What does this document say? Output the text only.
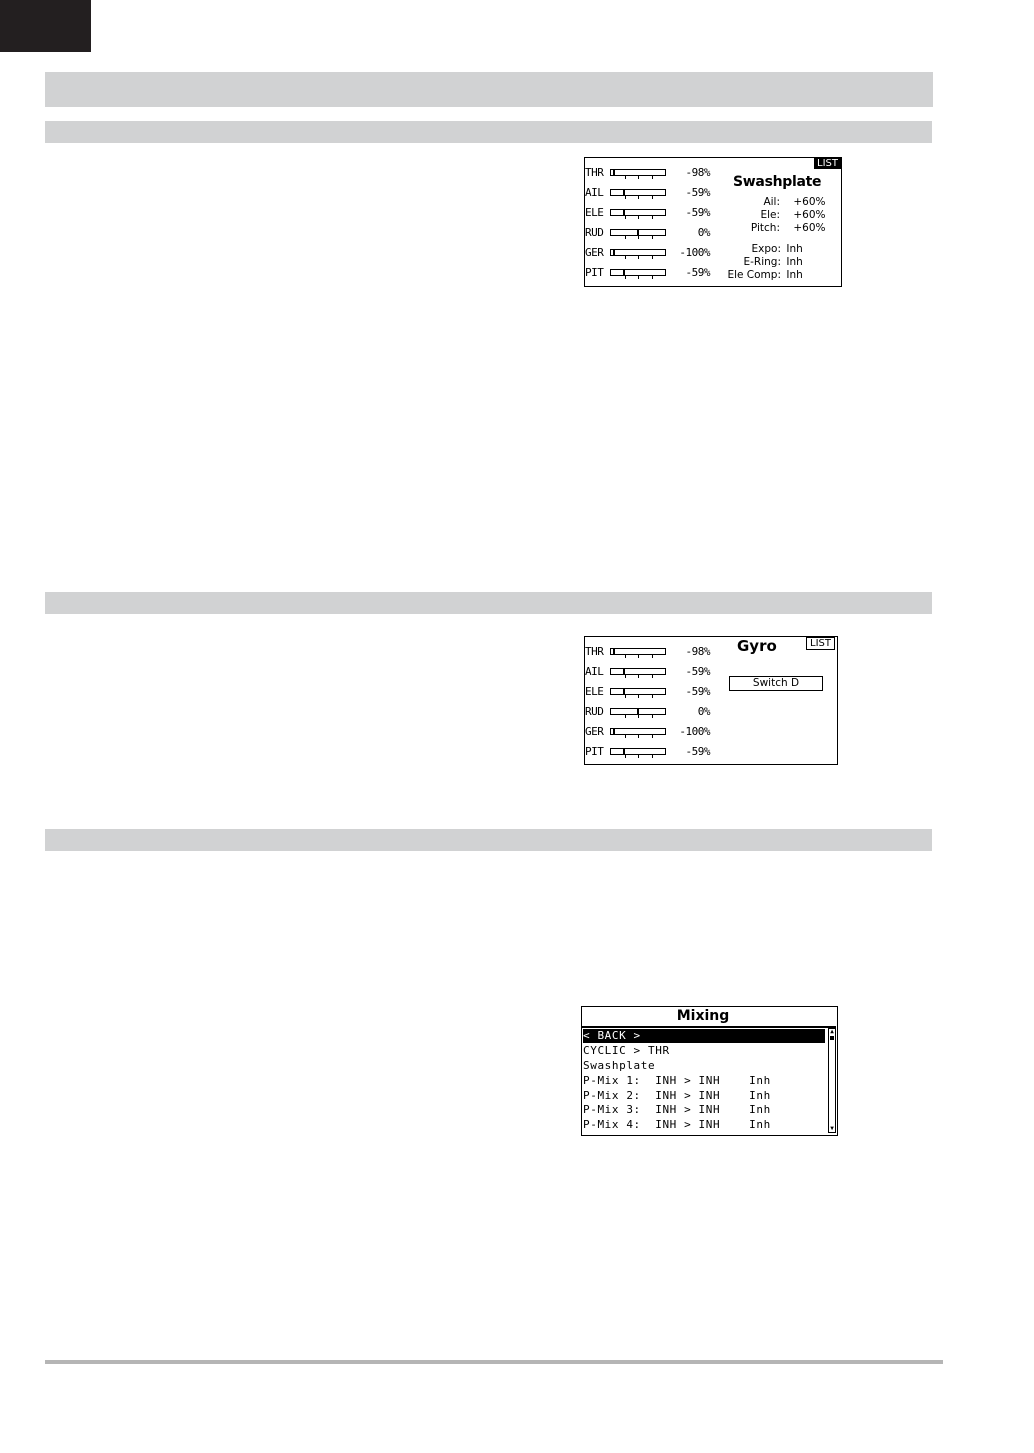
LIST
THR	-98%
AIL	-59%
ELE	-59%
RUD	0%
GER	-100%
PIT	-59%
Swashplate
Ail: +60%
Ele: +60%
Pitch: +60%
Expo: Inh
E-Ring: Inh
Ele Comp: Inh
LIST
THR	-98%
AIL	-59%
ELE	-59%
RUD	0%
GER	-100%
PIT	-59%
Gyro
Switch D
Mixing
< BACK >
CYCLIC > THR
Swashplate
P-Mix 1:  INH > INH    Inh
P-Mix 2:  INH > INH    Inh
P-Mix 3:  INH > INH    Inh
P-Mix 4:  INH > INH    Inh
▲
▼
